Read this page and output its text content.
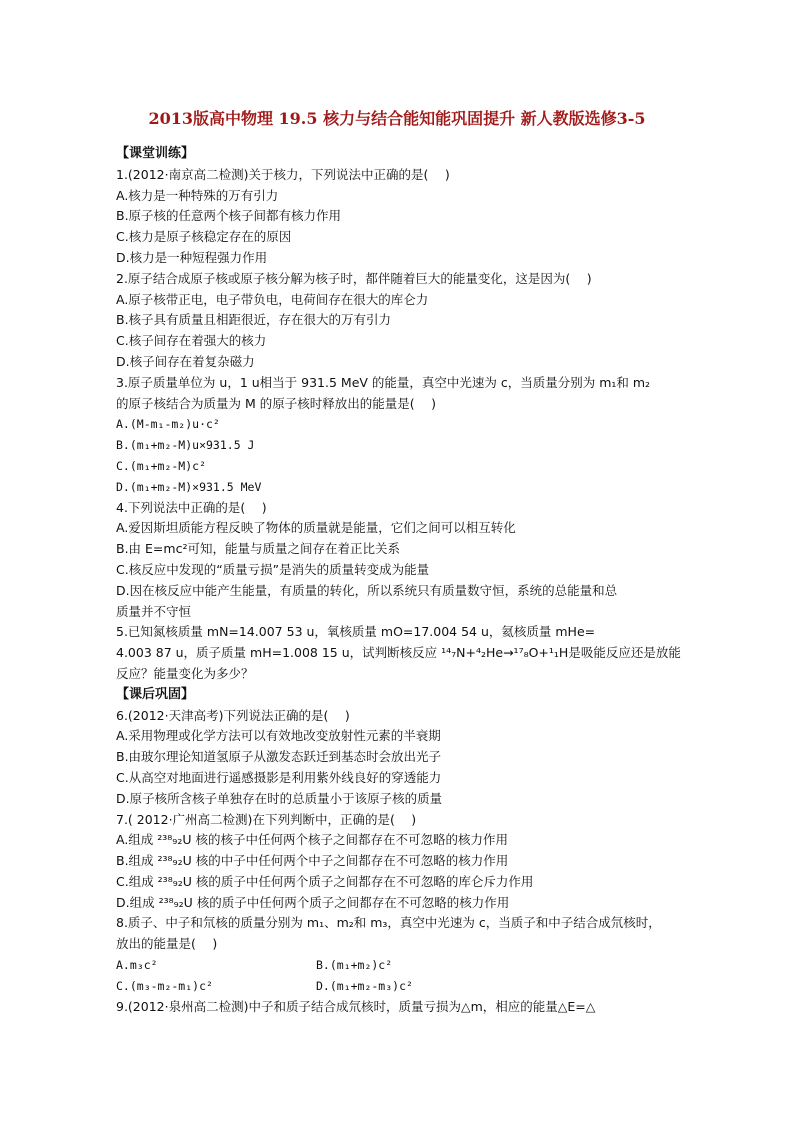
2013版高中物理 19.5 核力与结合能知能巩固提升 新人教版选修3-5
【课堂训练】
1.(2012·南京高二检测)关于核力，下列说法中正确的是(　 )
A.核力是一种特殊的万有引力
B.原子核的任意两个核子间都有核力作用
C.核力是原子核稳定存在的原因
D.核力是一种短程强力作用
2.原子结合成原子核或原子核分解为核子时，都伴随着巨大的能量变化，这是因为(　 )
A.原子核带正电，电子带负电，电荷间存在很大的库仑力
B.核子具有质量且相距很近，存在很大的万有引力
C.核子间存在着强大的核力
D.核子间存在着复杂磁力
3.原子质量单位为 u，1 u相当于 931.5 MeV 的能量，真空中光速为 c，当质量分别为 m₁和 m₂
的原子核结合为质量为 M 的原子核时释放出的能量是(　 )
A.(M-m₁-m₂)u·c²
B.(m₁+m₂-M)u×931.5 J
C.(m₁+m₂-M)c²
D.(m₁+m₂-M)×931.5 MeV
4.下列说法中正确的是(　 )
A.爱因斯坦质能方程反映了物体的质量就是能量，它们之间可以相互转化
B.由 E=mc²可知，能量与质量之间存在着正比关系
C.核反应中发现的“质量亏损”是消失的质量转变成为能量
D.因在核反应中能产生能量，有质量的转化，所以系统只有质量数守恒，系统的总能量和总
质量并不守恒
5.已知氮核质量 mN=14.007 53 u，氧核质量 mO=17.004 54 u，氦核质量 mHe=
4.003 87 u，质子质量 mH=1.008 15 u，试判断核反应 ¹⁴₇N+⁴₂He→¹⁷₈O+¹₁H是吸能反应还是放能
反应？能量变化为多少？
【课后巩固】
6.(2012·天津高考)下列说法正确的是(　 )
A.采用物理或化学方法可以有效地改变放射性元素的半衰期
B.由玻尔理论知道氢原子从激发态跃迁到基态时会放出光子
C.从高空对地面进行遥感摄影是利用紫外线良好的穿透能力
D.原子核所含核子单独存在时的总质量小于该原子核的质量
7.( 2012·广州高二检测)在下列判断中，正确的是(　 )
A.组成 ²³⁸₉₂U 核的核子中任何两个核子之间都存在不可忽略的核力作用
B.组成 ²³⁸₉₂U 核的中子中任何两个中子之间都存在不可忽略的核力作用
C.组成 ²³⁸₉₂U 核的质子中任何两个质子之间都存在不可忽略的库仑斥力作用
D.组成 ²³⁸₉₂U 核的质子中任何两个质子之间都存在不可忽略的核力作用
8.质子、中子和氘核的质量分别为 m₁、m₂和 m₃，真空中光速为 c，当质子和中子结合成氘核时，
放出的能量是(　 )
A.m₃c²	B.(m₁+m₂)c²
C.(m₃-m₂-m₁)c²	D.(m₁+m₂-m₃)c²
9.(2012·泉州高二检测)中子和质子结合成氘核时，质量亏损为△m，相应的能量△E=△
